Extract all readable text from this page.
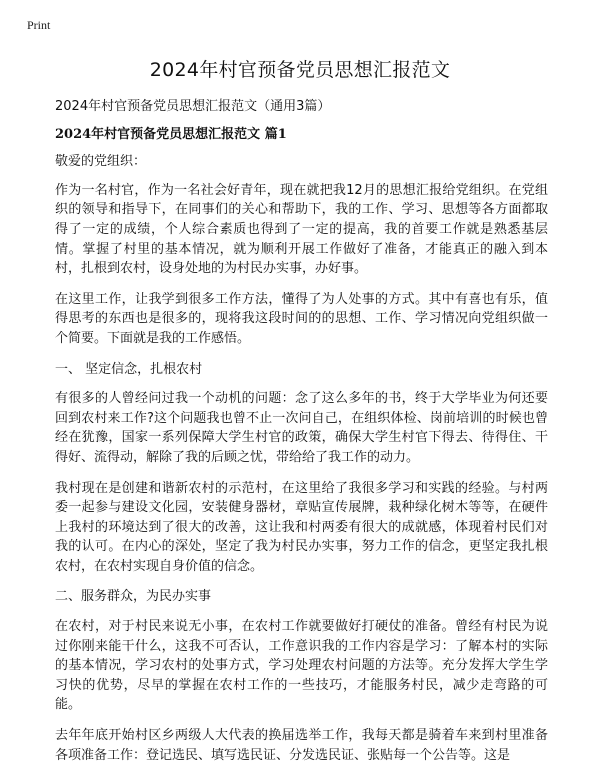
Print
2024年村官预备党员思想汇报范文

2024年村官预备党员思想汇报范文（通用3篇）

2024年村官预备党员思想汇报范文 篇1

敬爱的党组织：

作为一名村官，作为一名社会好青年，现在就把我12月的思想汇报给党组织。在党组织的领导和指导下，在同事们的关心和帮助下，我的工作、学习、思想等各方面都取得了一定的成绩，个人综合素质也得到了一定的提高，我的首要工作就是熟悉基层情。掌握了村里的基本情况，就为顺利开展工作做好了准备，才能真正的融入到本村，扎根到农村，设身处地的为村民办实事，办好事。

在这里工作，让我学到很多工作方法，懂得了为人处事的方式。其中有喜也有乐，值得思考的东西也是很多的，现将我这段时间的的思想、工作、学习情况向党组织做一个简要。下面就是我的工作感悟。

一、 坚定信念，扎根农村

有很多的人曾经问过我一个动机的问题：念了这么多年的书，终于大学毕业为何还要回到农村来工作?这个问题我也曾不止一次问自己，在组织体检、岗前培训的时候也曾经在犹豫，国家一系列保障大学生村官的政策，确保大学生村官下得去、待得住、干得好、流得动，解除了我的后顾之忧，带给给了我工作的动力。

我村现在是创建和谐新农村的示范村，在这里给了我很多学习和实践的经验。与村两委一起参与建设文化园，安装健身器材，章贴宣传展牌，栽种绿化树木等等，在硬件上我村的环境达到了很大的改善，这让我和村两委有很大的成就感，体现着村民们对我的认可。在内心的深处，坚定了我为村民办实事，努力工作的信念，更坚定我扎根农村，在农村实现自身价值的信念。

二、服务群众，为民办实事

在农村，对于村民来说无小事，在农村工作就要做好打硬仗的准备。曾经有村民为说过你刚来能干什么，这我不可否认，工作意识我的工作内容是学习：了解本村的实际的基本情况，学习农村的处事方式，学习处理农村问题的方法等。充分发挥大学生学习快的优势，尽早的掌握在农村工作的一些技巧，才能服务村民，减少走弯路的可能。

去年年底开始村区乡两级人大代表的换届选举工作，我每天都是骑着车来到村里准备各项准备工作：登记选民、填写选民证、分发选民证、张贴每一个公告等。这是
